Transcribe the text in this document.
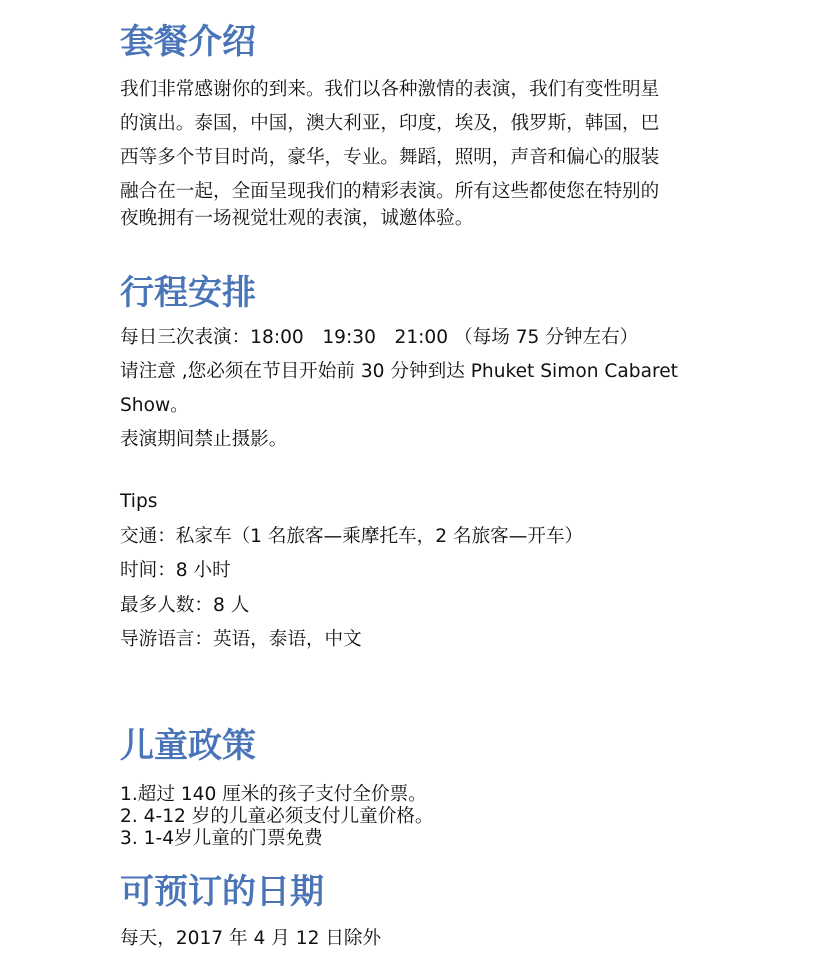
套餐介绍

我们非常感谢你的到来。我们以各种激情的表演，我们有变性明星

的演出。泰国，中国，澳大利亚，印度，埃及，俄罗斯，韩国，巴

西等多个节目时尚，豪华，专业。舞蹈，照明，声音和偏心的服装

融合在一起，全面呈现我们的精彩表演。所有这些都使您在特别的

夜晚拥有一场视觉壮观的表演，诚邀体验。

行程安排

每日三次表演：18:00　19:30　21:00 （每场 75 分钟左右）

请注意 ,您必须在节目开始前 30 分钟到达 Phuket Simon Cabaret

Show。

表演期间禁止摄影。

Tips

交通：私家车（1 名旅客—乘摩托车，2 名旅客—开车）

时间：8 小时

最多人数：8 人

导游语言：英语，泰语，中文

儿童政策

1.超过 140 厘米的孩子支付全价票。

2. 4-12 岁的儿童必须支付儿童价格。

3. 1-4岁儿童的门票免费

可预订的日期

每天，2017 年 4 月 12 日除外
